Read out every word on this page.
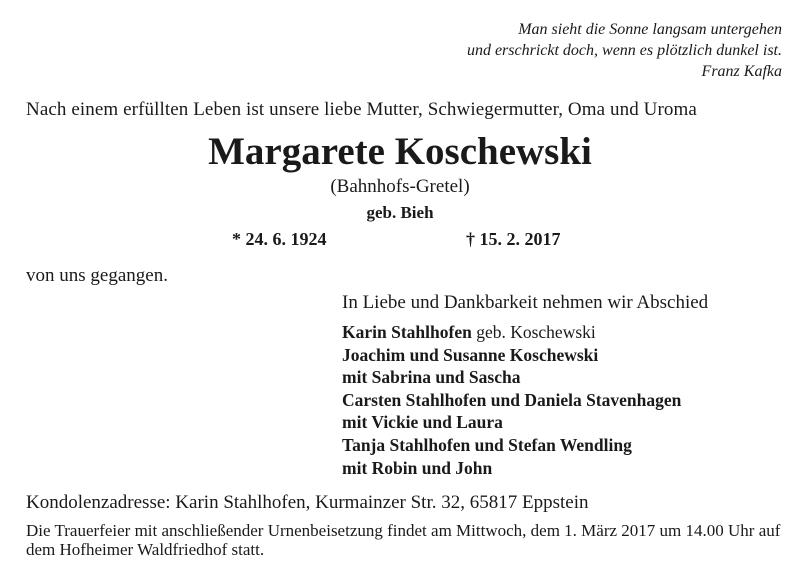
Man sieht die Sonne langsam untergehen
und erschrickt doch, wenn es plötzlich dunkel ist.
Franz Kafka
Nach einem erfüllten Leben ist unsere liebe Mutter, Schwiegermutter, Oma und Uroma
Margarete Koschewski
(Bahnhofs-Gretel)
geb. Bieh
* 24. 6. 1924	† 15. 2. 2017
von uns gegangen.
In Liebe und Dankbarkeit nehmen wir Abschied
Karin Stahlhofen geb. Koschewski
Joachim und Susanne Koschewski
mit Sabrina und Sascha
Carsten Stahlhofen und Daniela Stavenhagen
mit Vickie und Laura
Tanja Stahlhofen und Stefan Wendling
mit Robin und John
Kondolenzadresse: Karin Stahlhofen, Kurmainzer Str. 32, 65817 Eppstein
Die Trauerfeier mit anschließender Urnenbeisetzung findet am Mittwoch, dem 1. März 2017 um 14.00 Uhr auf dem Hofheimer Waldfriedhof statt.
